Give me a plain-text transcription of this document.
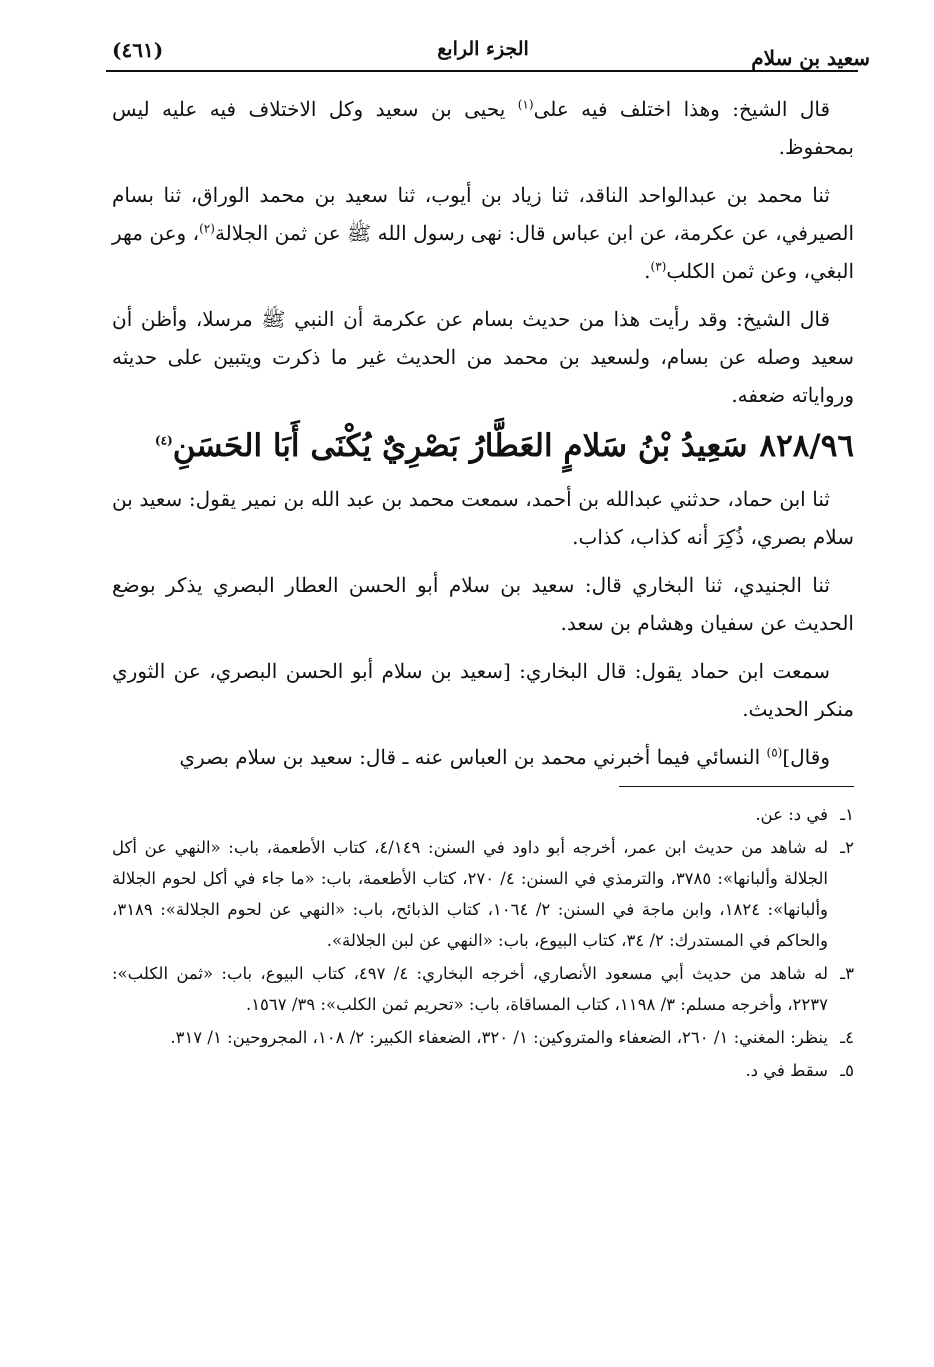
سعيد بن سلام
الجزء الرابع
(٤٦١)

قال الشيخ: وهذا اختلف فيه على$^{(١)}$ يحيى بن سعيد وكل الاختلاف فيه عليه ليس بمحفوظ.

ثنا محمد بن عبدالواحد الناقد، ثنا زياد بن أيوب، ثنا سعيد بن محمد الوراق، ثنا بسام الصيرفي، عن عكرمة، عن ابن عباس قال: نهى رسول الله ﷺ عن ثمن الجلالة$^{(٢)}$، وعن مهر البغي، وعن ثمن الكلب$^{(٣)}$.

قال الشيخ: وقد رأيت هذا من حديث بسام عن عكرمة أن النبي ﷺ مرسلا، وأظن أن سعيد وصله عن بسام، ولسعيد بن محمد من الحديث غير ما ذكرت ويتبين على حديثه ورواياته ضعفه.

٨٢٨/٩٦سَعِيدُ بْنُ سَلامٍ العَطَّارُ بَصْرِيٌ يُكْنَى أَبَا الحَسَنِ$^{(٤)}$

ثنا ابن حماد، حدثني عبدالله بن أحمد، سمعت محمد بن عبد الله بن نمير يقول: سعيد بن سلام بصري، ذُكِرَ أنه كذاب، كذاب.

ثنا الجنيدي، ثنا البخاري قال: سعيد بن سلام أبو الحسن العطار البصري يذكر بوضع الحديث عن سفيان وهشام بن سعد.

سمعت ابن حماد يقول: قال البخاري: [سعيد بن سلام أبو الحسن البصري، عن الثوري منكر الحديث.

وقال]$^{(٥)}$ النسائي فيما أخبرني محمد بن العباس عنه ـ قال: سعيد بن سلام بصري

١ـفي د: عن.
٢ـله شاهد من حديث ابن عمر، أخرجه أبو داود في السنن: ٤/١٤٩، كتاب الأطعمة، باب: «النهي عن أكل الجلالة وألبانها»: ٣٧٨٥، والترمذي في السنن: ٤/ ٢٧٠، كتاب الأطعمة، باب: «ما جاء في أكل لحوم الجلالة وألبانها»: ١٨٢٤، وابن ماجة في السنن: ٢/ ١٠٦٤، كتاب الذبائح، باب: «النهي عن لحوم الجلالة»: ٣١٨٩، والحاكم في المستدرك: ٢/ ٣٤، كتاب البيوع، باب: «النهي عن لبن الجلالة».
٣ـله شاهد من حديث أبي مسعود الأنصاري، أخرجه البخاري: ٤/ ٤٩٧، كتاب البيوع، باب: «ثمن الكلب»: ٢٢٣٧، وأخرجه مسلم: ٣/ ١١٩٨، كتاب المساقاة، باب: «تحريم ثمن الكلب»: ٣٩/ ١٥٦٧.
٤ـينظر: المغني: ١/ ٢٦٠، الضعفاء والمتروكين: ١/ ٣٢٠، الضعفاء الكبير: ٢/ ١٠٨، المجروحين: ١/ ٣١٧.
٥ـسقط في د.
